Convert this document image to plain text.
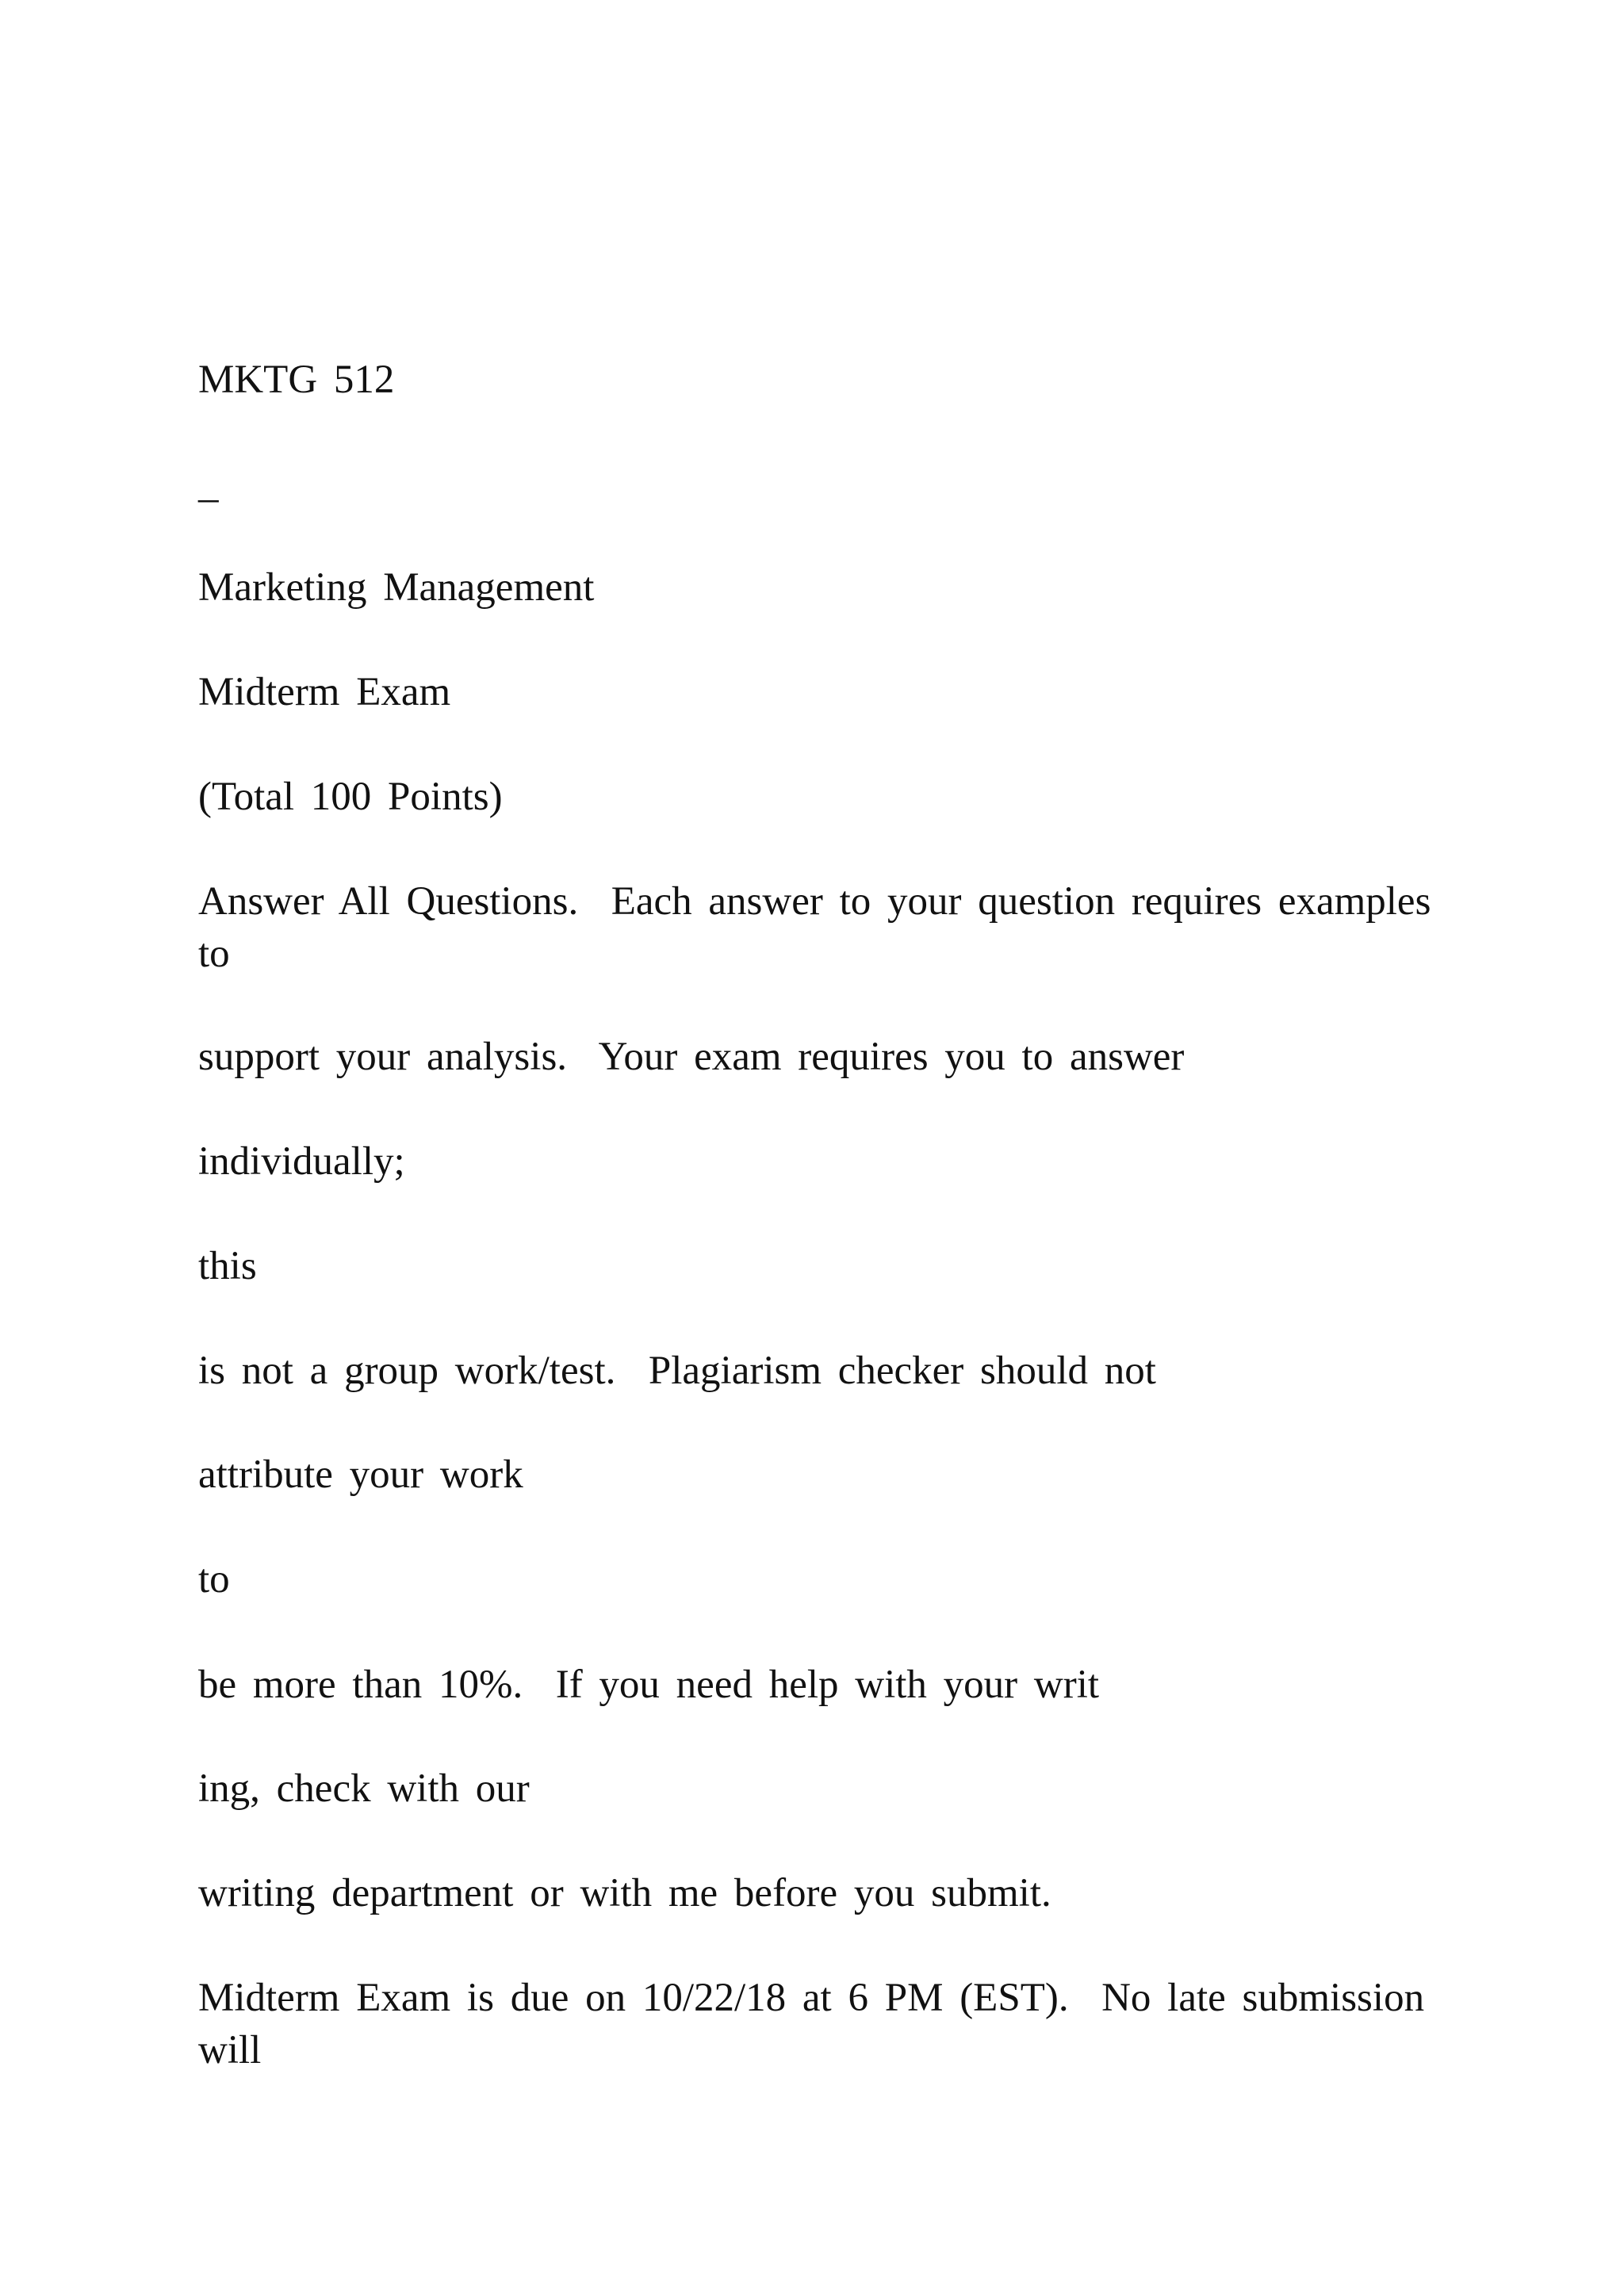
MKTG 512

_

Marketing Management

Midterm Exam

(Total 100 Points)

Answer All Questions.  Each answer to your question requires examples to

support your analysis.  Your exam requires you to answer

individually;

this

is not a group work/test.  Plagiarism checker should not

attribute your work

to

be more than 10%.  If you need help with your writ

ing, check with our

writing department or with me before you submit.

Midterm Exam is due on 10/22/18 at 6 PM (EST).  No late submission will
